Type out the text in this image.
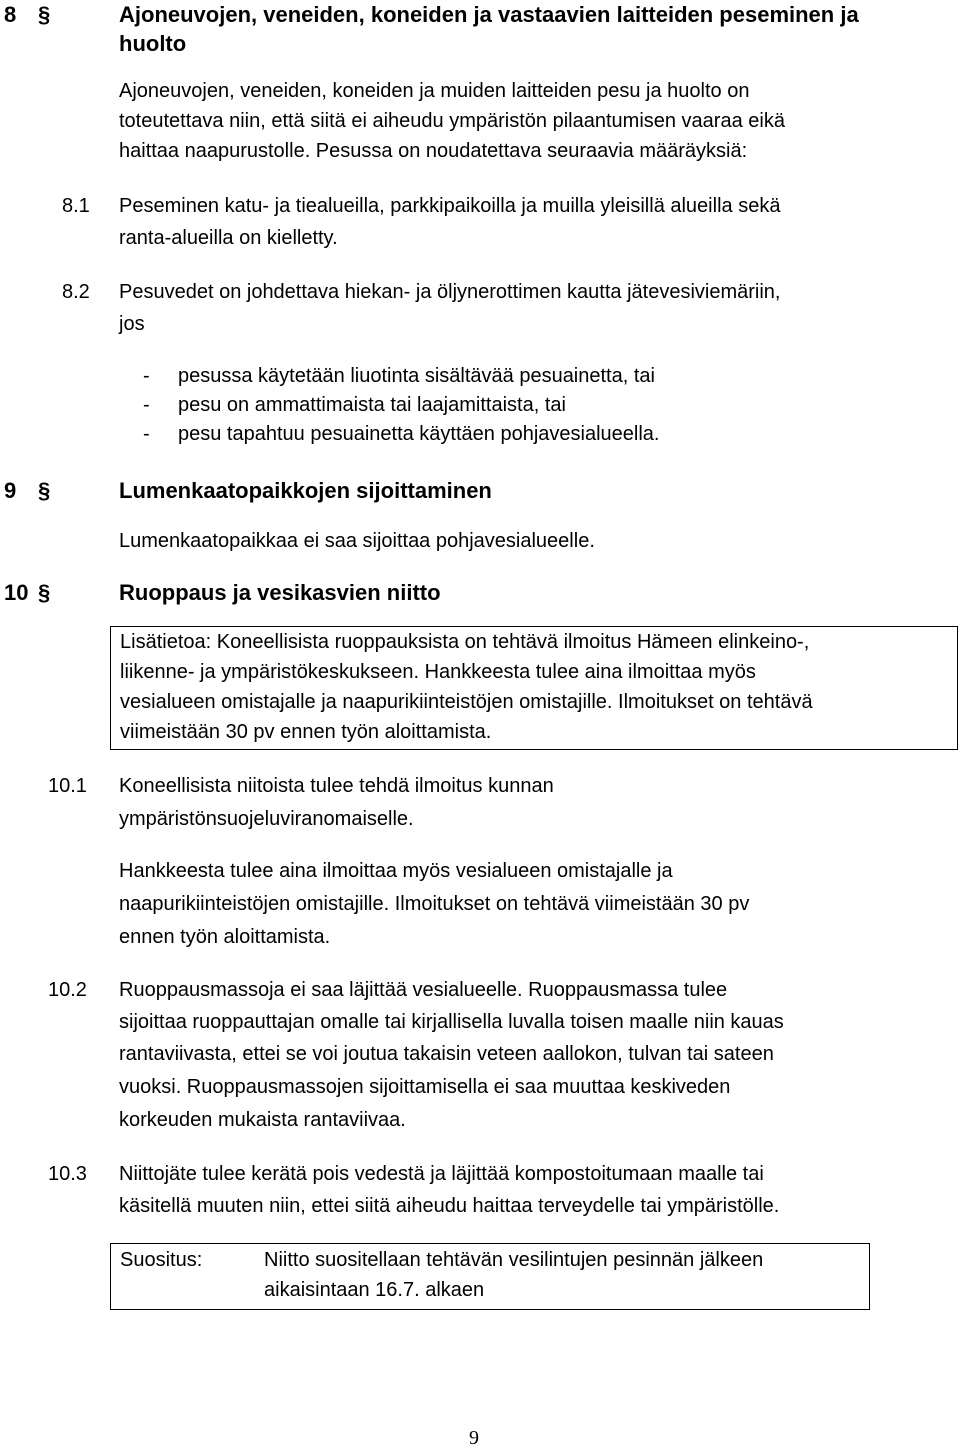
8 §	Ajoneuvojen, veneiden, koneiden ja vastaavien laitteiden peseminen ja

huolto

Ajoneuvojen, veneiden, koneiden ja muiden laitteiden pesu ja huolto on

toteutettava niin, että siitä ei aiheudu ympäristön pilaantumisen vaaraa eikä

haittaa naapurustolle. Pesussa on noudatettava seuraavia määräyksiä:

8.1 Peseminen katu- ja tiealueilla, parkkipaikoilla ja muilla yleisillä alueilla sekä

ranta-alueilla on kielletty.

8.2 Pesuvedet on johdettava hiekan- ja öljynerottimen kautta jätevesiviemäriin,

jos

- pesussa käytetään liuotinta sisältävää pesuainetta, tai

- pesu on ammattimaista tai laajamittaista, tai

- pesu tapahtuu pesuainetta käyttäen pohjavesialueella.

9 §	Lumenkaatopaikkojen sijoittaminen

Lumenkaatopaikkaa ei saa sijoittaa pohjavesialueelle.

10 §	Ruoppaus ja vesikasvien niitto

Lisätietoa: Koneellisista ruoppauksista on tehtävä ilmoitus Hämeen elinkeino-,

liikenne- ja ympäristökeskukseen. Hankkeesta tulee aina ilmoittaa myös

vesialueen omistajalle ja naapurikiinteistöjen omistajille. Ilmoitukset on tehtävä

viimeistään 30 pv ennen työn aloittamista.

10.1 Koneellisista niitoista tulee tehdä ilmoitus kunnan

ympäristönsuojeluviranomaiselle.

Hankkeesta tulee aina ilmoittaa myös vesialueen omistajalle ja

naapurikiinteistöjen omistajille. Ilmoitukset on tehtävä viimeistään 30 pv

ennen työn aloittamista.

10.2 Ruoppausmassoja ei saa läjittää vesialueelle. Ruoppausmassa tulee

sijoittaa ruoppauttajan omalle tai kirjallisella luvalla toisen maalle niin kauas

rantaviivasta, ettei se voi joutua takaisin veteen aallokon, tulvan tai sateen

vuoksi. Ruoppausmassojen sijoittamisella ei saa muuttaa keskiveden

korkeuden mukaista rantaviivaa.

10.3 Niittojäte tulee kerätä pois vedestä ja läjittää kompostoitumaan maalle tai

käsitellä muuten niin, ettei siitä aiheudu haittaa terveydelle tai ympäristölle.

Suositus:	Niitto suositellaan tehtävän vesilintujen pesinnän jälkeen

aikaisintaan 16.7. alkaen

9
